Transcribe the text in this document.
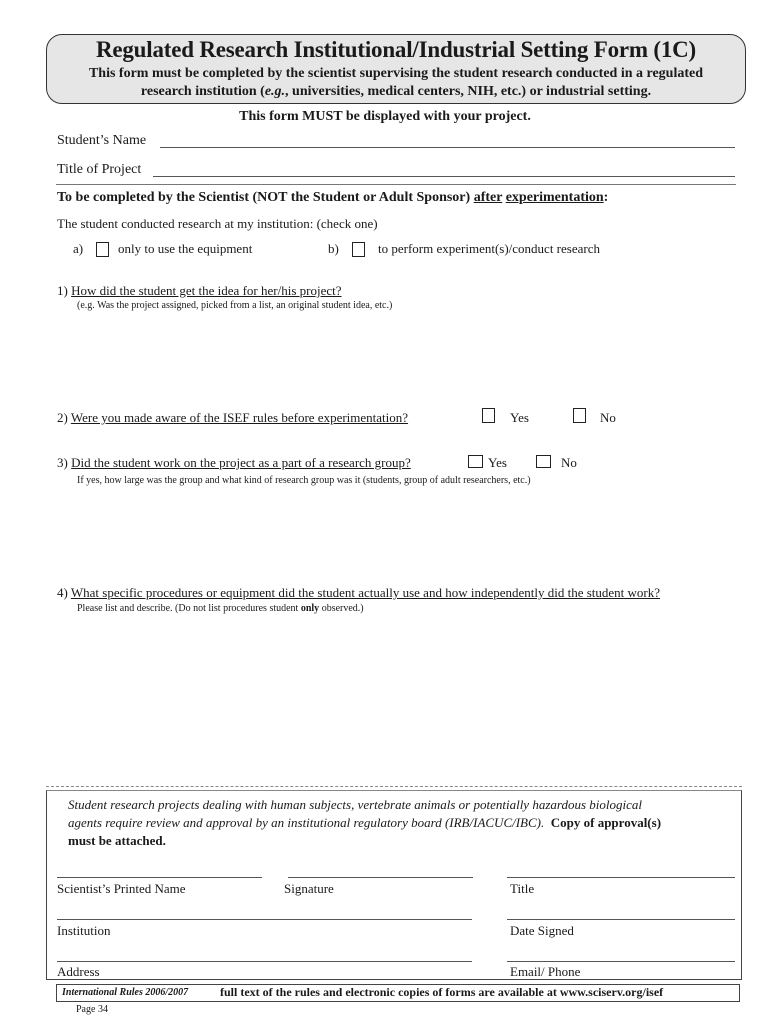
Regulated Research Institutional/Industrial Setting Form (1C)
This form must be completed by the scientist supervising the student research conducted in a regulated
research institution (e.g., universities, medical centers, NIH, etc.) or industrial setting.
This form MUST be displayed with your project.
Student’s Name
Title of Project
To be completed by the Scientist (NOT the Student or Adult Sponsor) after experimentation:
The student conducted research at my institution: (check one)
a)	only to use the equipment	b)	to perform experiment(s)/conduct research
1) How did the student get the idea for her/his project?
(e.g. Was the project assigned, picked from a list, an original student idea, etc.)
2) Were you made aware of the ISEF rules before experimentation?	Yes	No
3) Did the student work on the project as a part of a research group?	Yes	No
If yes, how large was the group and what kind of research group was it (students, group of adult researchers, etc.)
4) What specific procedures or equipment did the student actually use and how independently did the student work?
Please list and describe. (Do not list procedures student only observed.)
Student research projects dealing with human subjects, vertebrate animals or potentially hazardous biological
agents require review and approval by an institutional regulatory board (IRB/IACUC/IBC). Copy of approval(s)
must be attached.
Scientist’s Printed Name	Signature	Title
Institution	Date Signed
Address	Email/ Phone
International Rules 2006/2007	full text of the rules and electronic copies of forms are available at www.sciserv.org/isef
Page 34
